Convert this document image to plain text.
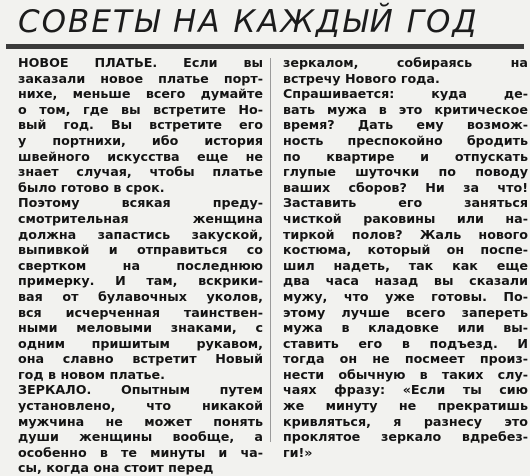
СОВЕТЫ НА КАЖДЫЙ ГОД
НОВОЕ ПЛАТЬЕ. Если вы
заказали новое платье порт-
нихе, меньше всего думайте
о том, где вы встретите Но-
вый год. Вы встретите его
у портнихи, ибо история
швейного искусства еще не
знает случая, чтобы платье
было готово в срок.
Поэтому всякая преду-
смотрительная женщина
должна запастись закуской,
выпивкой и отправиться со
свертком на последнюю
примерку. И там, вскрики-
вая от булавочных уколов,
вся исчерченная таинствен-
ными меловыми знаками, с
одним пришитым рукавом,
она славно встретит Новый
год в новом платье.
ЗЕРКАЛО. Опытным путем
установлено, что никакой
мужчина не может понять
души женщины вообще, а
особенно в те минуты и ча-
сы, когда она стоит перед
зеркалом, собираясь на
встречу Нового года.
Спрашивается: куда де-
вать мужа в это критическое
время? Дать ему возмож-
ность преспокойно бродить
по квартире и отпускать
глупые шуточки по поводу
ваших сборов? Ни за что!
Заставить его заняться
чисткой раковины или на-
тиркой полов? Жаль нового
костюма, который он поспе-
шил надеть, так как еще
два часа назад вы сказали
мужу, что уже готовы. По-
этому лучше всего запереть
мужа в кладовке или вы-
ставить его в подъезд. И
тогда он не посмеет произ-
нести обычную в таких слу-
чаях фразу: «Если ты сию
же минуту не прекратишь
кривляться, я разнесу это
проклятое зеркало вдребез-
ги!»
